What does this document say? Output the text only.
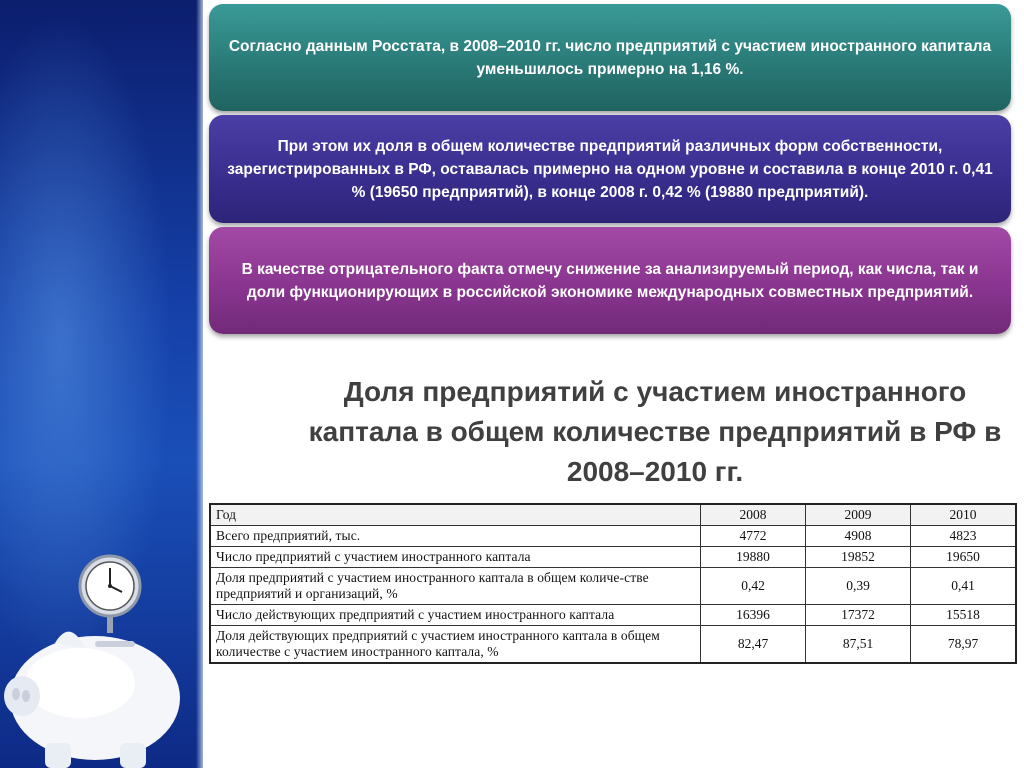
Согласно данным Росстата, в 2008–2010 гг. число предприятий с участием иностранного капитала уменьшилось примерно на 1,16 %.
При этом их доля в общем количестве предприятий различных форм собственности, зарегистрированных в РФ, оставалась примерно на одном уровне и составила в конце 2010 г. 0,41 % (19650 предприятий), в конце 2008 г. 0,42 % (19880 предприятий).
В качестве отрицательного факта отмечу снижение за анализируемый период, как числа, так и доли функционирующих в российской экономике международных совместных предприятий.
Доля предприятий с участием иностранного
каптала в общем количестве предприятий в РФ в
2008–2010 гг.
Год	2008	2009	2010
Всего предприятий, тыс.	4772	4908	4823
Число предприятий с участием иностранного каптала	19880	19852	19650
Доля предприятий с участием иностранного каптала в общем количе-стве предприятий и организаций, %	0,42	0,39	0,41
Число действующих предприятий с участием иностранного каптала	16396	17372	15518
Доля действующих предприятий с участием иностранного каптала в общем количестве с участием иностранного каптала, %	82,47	87,51	78,97
